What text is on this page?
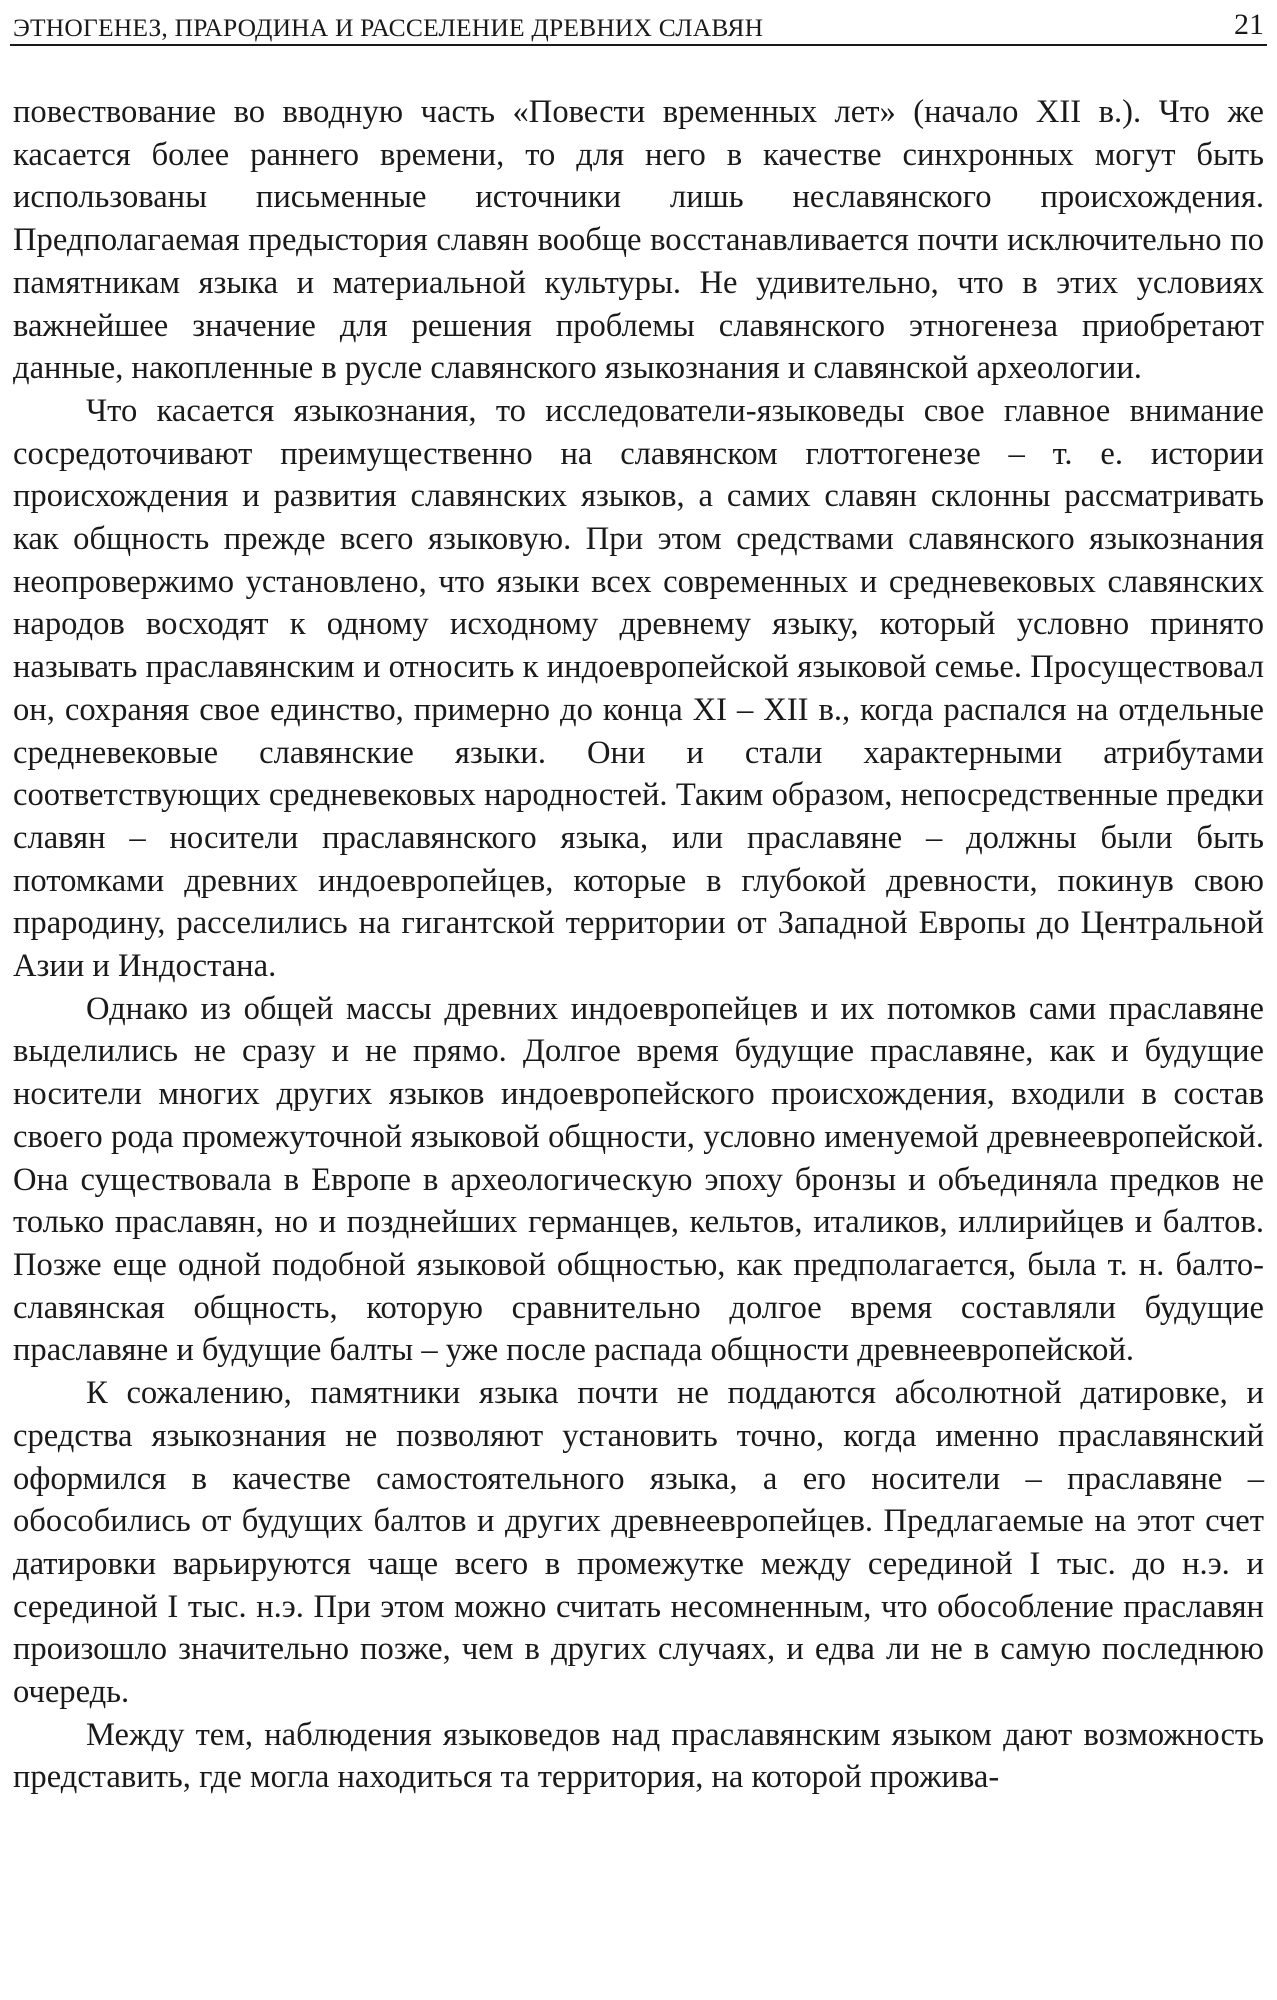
ЭТНОГЕНЕЗ, ПРАРОДИНА И РАССЕЛЕНИЕ ДРЕВНИХ СЛАВЯН	21

повествование во вводную часть «Повести временных лет» (начало XII в.). Что же касается более раннего времени, то для него в качестве синхронных могут быть использованы письменные источники лишь неславянского происхождения. Предполагаемая предыстория славян вообще восстанавливается почти исключительно по памятникам языка и материальной культуры. Не удивительно, что в этих условиях важнейшее значение для решения проблемы славянского этногенеза приобретают данные, накопленные в русле славянского языкознания и славянской археологии.

Что касается языкознания, то исследователи-языковеды свое главное внимание сосредоточивают преимущественно на славянском глоттогенезе – т. е. истории происхождения и развития славянских языков, а самих славян склонны рассматривать как общность прежде всего языковую. При этом средствами славянского языкознания неопровержимо установлено, что языки всех современных и средневековых славянских народов восходят к одному исходному древнему языку, который условно принято называть праславянским и относить к индоевропейской языковой семье. Просуществовал он, сохраняя свое единство, примерно до конца XI – XII в., когда распался на отдельные средневековые славянские языки. Они и стали характерными атрибутами соответствующих средневековых народностей. Таким образом, непосредственные предки славян – носители праславянского языка, или праславяне – должны были быть потомками древних индоевропейцев, которые в глубокой древности, покинув свою прародину, расселились на гигантской территории от Западной Европы до Центральной Азии и Индостана.

Однако из общей массы древних индоевропейцев и их потомков сами праславяне выделились не сразу и не прямо. Долгое время будущие праславяне, как и будущие носители многих других языков индоевропейского происхождения, входили в состав своего рода промежуточной языковой общности, условно именуемой древнеевропейской. Она существовала в Европе в археологическую эпоху бронзы и объединяла предков не только праславян, но и позднейших германцев, кельтов, италиков, иллирийцев и балтов. Позже еще одной подобной языковой общностью, как предполагается, была т. н. балто-славянская общность, которую сравнительно долгое время составляли будущие праславяне и будущие балты – уже после распада общности древнеевропейской.

К сожалению, памятники языка почти не поддаются абсолютной датировке, и средства языкознания не позволяют установить точно, когда именно праславянский оформился в качестве самостоятельного языка, а его носители – праславяне – обособились от будущих балтов и других древнеевропейцев. Предлагаемые на этот счет датировки варьируются чаще всего в промежутке между серединой I тыс. до н.э. и серединой I тыс. н.э. При этом можно считать несомненным, что обособление праславян произошло значительно позже, чем в других случаях, и едва ли не в самую последнюю очередь.

Между тем, наблюдения языковедов над праславянским языком дают возможность представить, где могла находиться та территория, на которой прожива-
